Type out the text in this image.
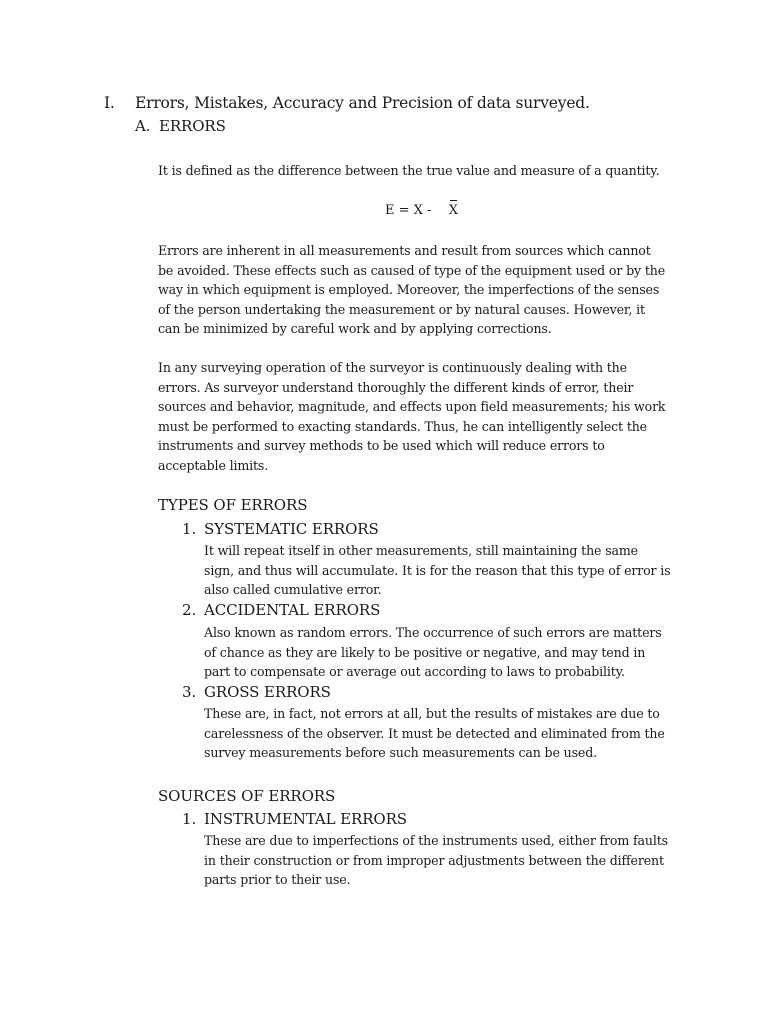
I. Errors, Mistakes, Accuracy and Precision of data surveyed.
A. ERRORS
It is defined as the difference between the true value and measure of a quantity.
E = X - X
Errors are inherent in all measurements and result from sources which cannot
be avoided. These effects such as caused of type of the equipment used or by the
way in which equipment is employed. Moreover, the imperfections of the senses
of the person undertaking the measurement or by natural causes. However, it
can be minimized by careful work and by applying corrections.
In any surveying operation of the surveyor is continuously dealing with the
errors. As surveyor understand thoroughly the different kinds of error, their
sources and behavior, magnitude, and effects upon field measurements; his work
must be performed to exacting standards. Thus, he can intelligently select the
instruments and survey methods to be used which will reduce errors to
acceptable limits.
TYPES OF ERRORS
1. SYSTEMATIC ERRORS
It will repeat itself in other measurements, still maintaining the same
sign, and thus will accumulate. It is for the reason that this type of error is
also called cumulative error.
2. ACCIDENTAL ERRORS
Also known as random errors. The occurrence of such errors are matters
of chance as they are likely to be positive or negative, and may tend in
part to compensate or average out according to laws to probability.
3. GROSS ERRORS
These are, in fact, not errors at all, but the results of mistakes are due to
carelessness of the observer. It must be detected and eliminated from the
survey measurements before such measurements can be used.
SOURCES OF ERRORS
1. INSTRUMENTAL ERRORS
These are due to imperfections of the instruments used, either from faults
in their construction or from improper adjustments between the different
parts prior to their use.
